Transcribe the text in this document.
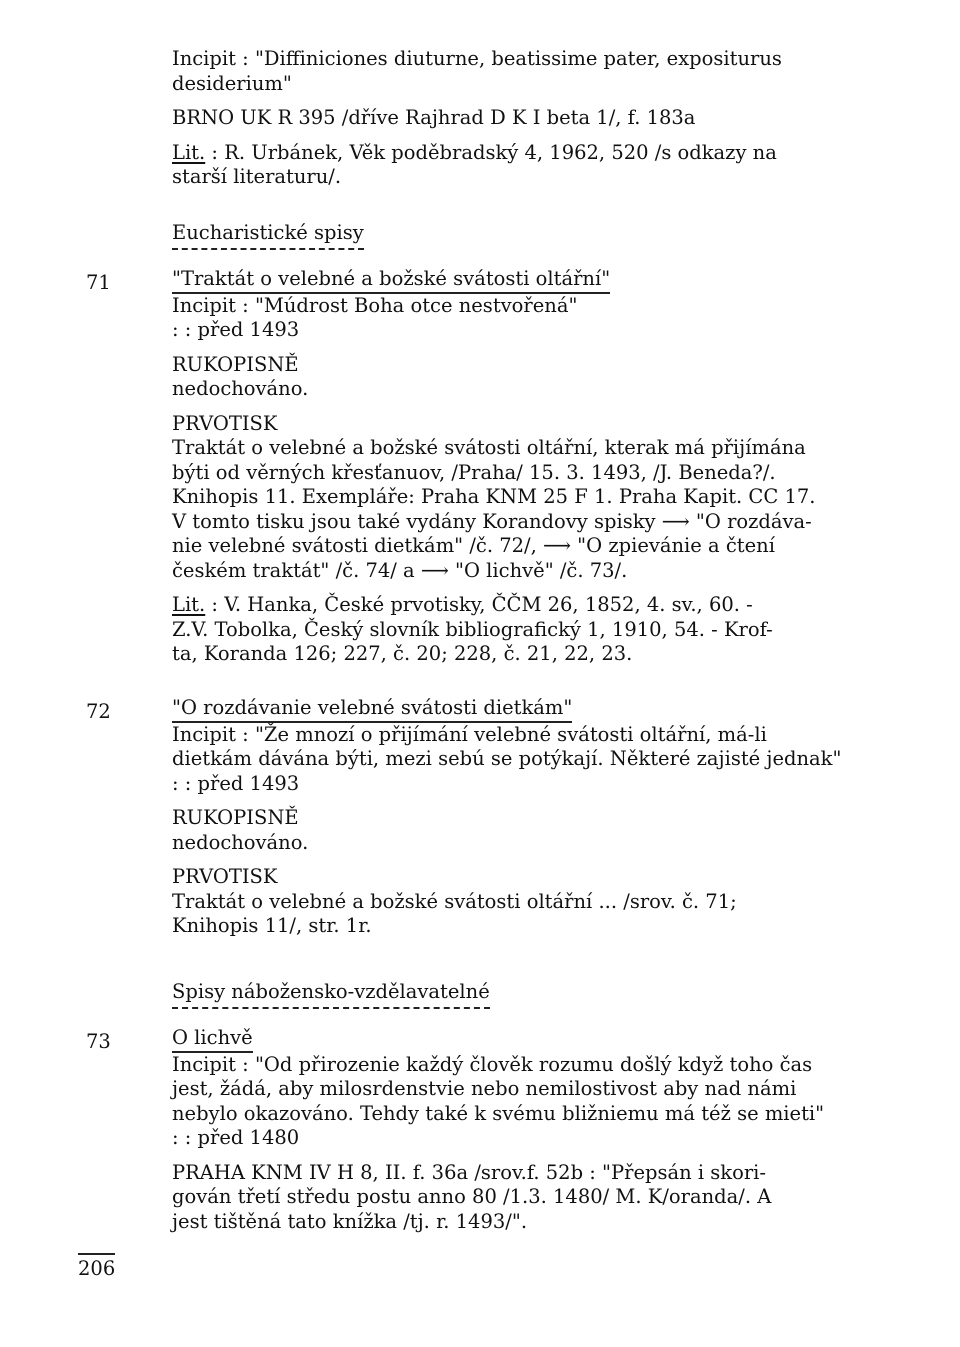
Incipit : "Diffiniciones diuturne, beatissime pater, expositurus
desiderium"
BRNO UK R 395 /dříve Rajhrad D K I beta 1/, f. 183a
Lit. : R. Urbánek, Věk poděbradský 4, 1962, 520 /s odkazy na
starší literaturu/.
Eucharistické spisy
71	"Traktát o velebné a božské svátosti oltářní"
Incipit : "Múdrost Boha otce nestvořená"
: : před 1493
RUKOPISNĚ
nedochováno.
PRVOTISK
Traktát o velebné a božské svátosti oltářní, kterak má přijímána
býti od věrných křesťanuov, /Praha/ 15. 3. 1493, /J. Beneda?/.
Knihopis 11. Exempláře: Praha KNM 25 F 1. Praha Kapit. CC 17.
V tomto tisku jsou také vydány Korandovy spisky ⟶ "O rozdáva-
nie velebné svátosti dietkám" /č. 72/, ⟶ "O zpievánie a čtení
českém traktát" /č. 74/ a ⟶ "O lichvě" /č. 73/.
Lit. : V. Hanka, České prvotisky, ČČM 26, 1852, 4. sv., 60. -
Z.V. Tobolka, Český slovník bibliografický 1, 1910, 54. - Krof-
ta, Koranda 126; 227, č. 20; 228, č. 21, 22, 23.
72	"O rozdávanie velebné svátosti dietkám"
Incipit : "Že mnozí o přijímání velebné svátosti oltářní, má-li
dietkám dávána býti, mezi sebú se potýkají. Některé zajisté jednak"
: : před 1493
RUKOPISNĚ
nedochováno.
PRVOTISK
Traktát o velebné a božské svátosti oltářní ... /srov. č. 71;
Knihopis 11/, str. 1r.
Spisy nábožensko-vzdělavatelné
73	O lichvě
Incipit : "Od přirozenie každý člověk rozumu došlý když toho čas
jest, žádá, aby milosrdenstvie nebo nemilostivost aby nad námi
nebylo okazováno. Tehdy také k svému bližniemu má též se mieti"
: : před 1480
PRAHA KNM IV H 8, II. f. 36a /srov.f. 52b : "Přepsán i skori-
gován třetí středu postu anno 80 /1.3. 1480/ M. K/oranda/. A
jest tištěná tato knížka /tj. r. 1493/".
206
